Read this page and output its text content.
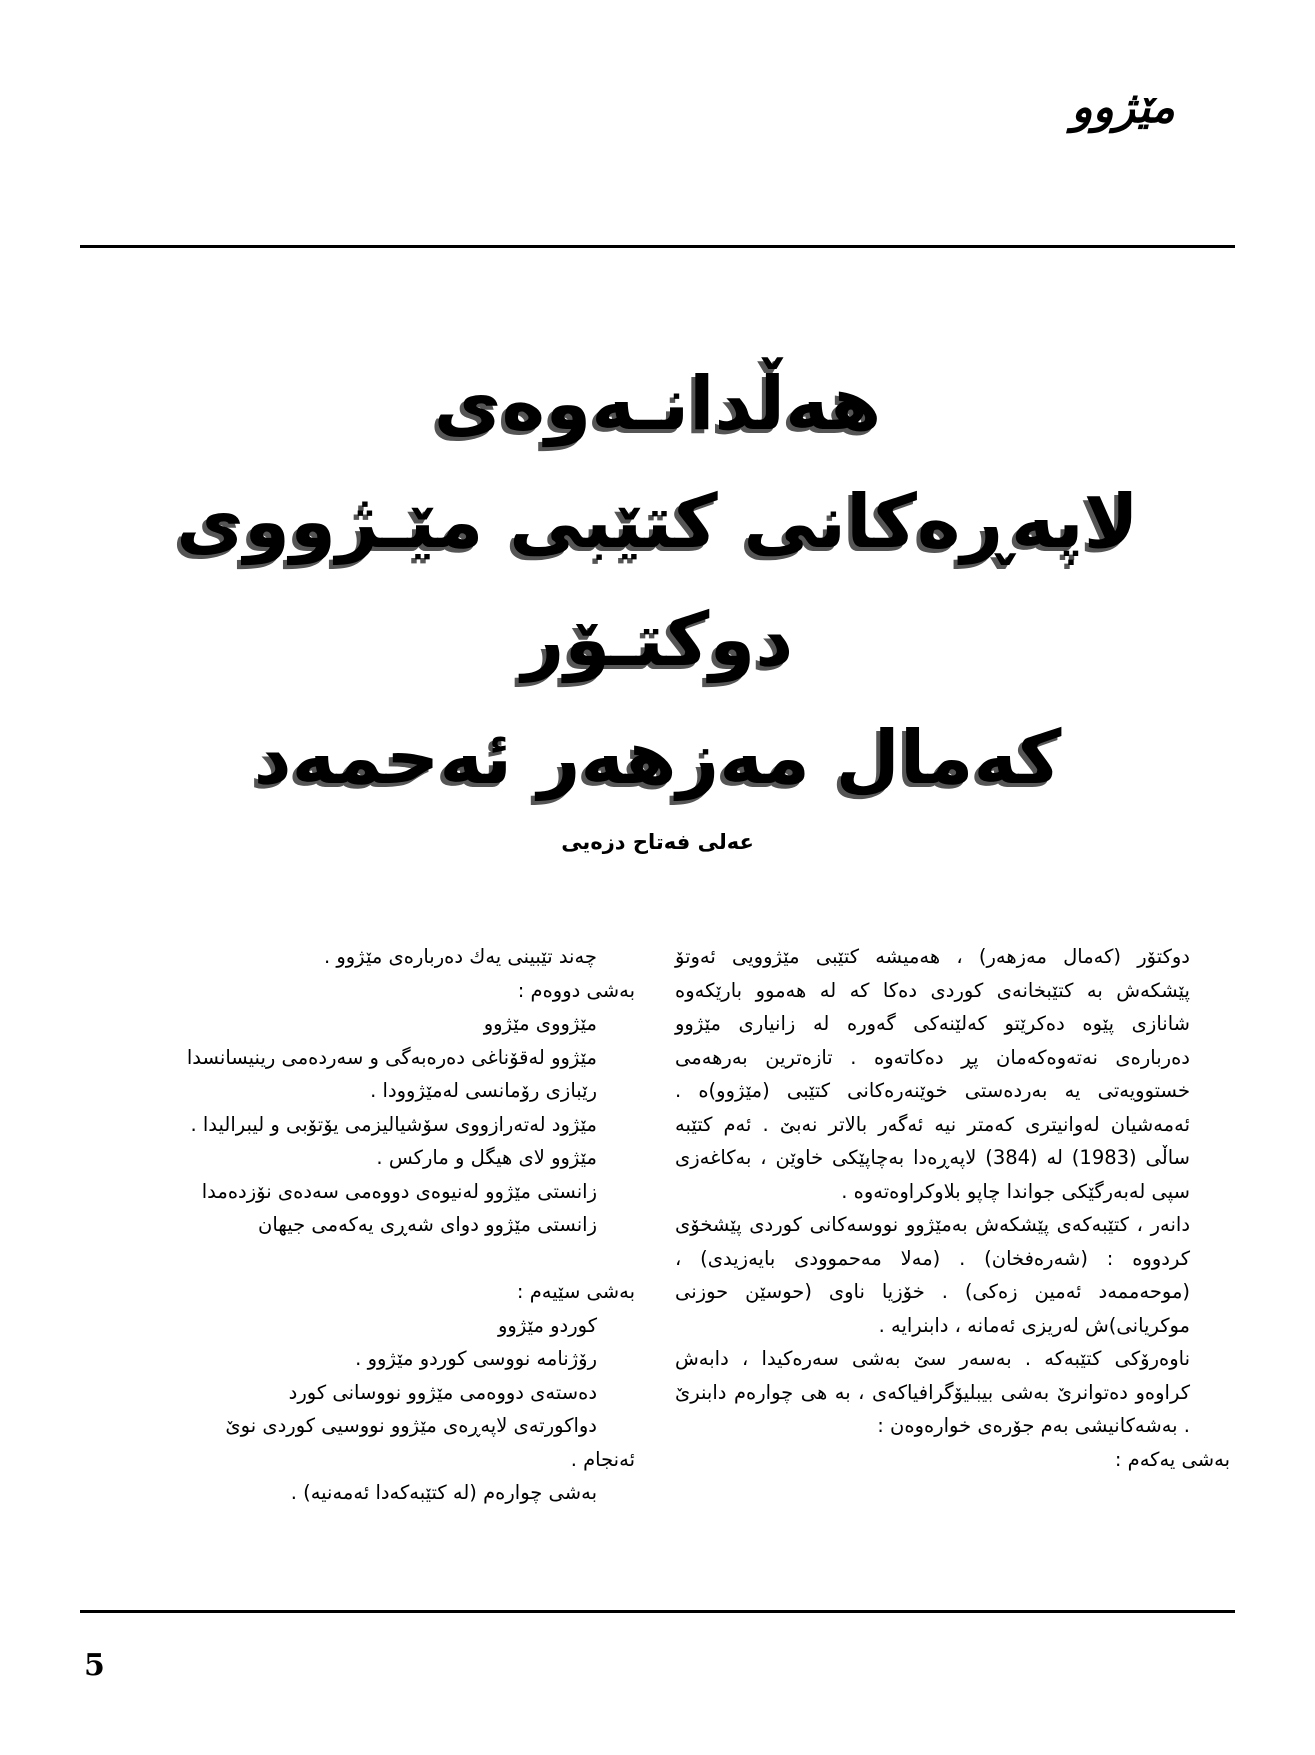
مێژوو
هەڵدانـەوەی
لاپەڕەکانی کتێبی مێـژووی
دوکتـۆر
کەمال مەزهەر ئەحمەد
عەلی فەتاح دزەیی

دوکتۆر (کەمال مەزهەر) ، هەمیشە کتێبی مێژوویی ئەوتۆ پێشکەش بە کتێبخانەی کوردی دەکا کە لە هەموو بارێکەوە شانازی پێوە دەکرێتو کەلێنەکی گەورە لە زانیاری مێژوو دەربارەی نەتەوەکەمان پڕ دەکاتەوە . تازەترین بەرهەمی خستوویەتی یە بەردەستی خوێنەرەکانی کتێبی (مێژوو)ە . ئەمەشیان لەوانیتری کەمتر نیە ئەگەر بالاتر نەبێ . ئەم کتێبە ساڵی (1983) لە (384) لاپەڕەدا بەچاپێکی خاوێن ، بەکاغەزی سپی لەبەرگێکی جواندا چاپو بلاوکراوەتەوە .

دانەر ، کتێبەکەی پێشکەش بەمێژوو نووسەکانی کوردی پێشخۆی کردووە : (شەرەفخان) . (مەلا مەحموودی بایەزیدی) ، (موحەممەد ئەمین زەکی) . خۆزیا ناوی (حوسێن حوزنی موکریانی)ش لەریزی ئەمانە ، دابنرایە .

ناوەرۆکی کتێبەکە . بەسەر سێ بەشی سەرەکیدا ، دابەش کراوەو دەتوانرێ بەشی بیبلیۆگرافیاکەی ، بە هی چوارەم دابنرێ . بەشەکانیشی بەم جۆرەی خوارەوەن :

بەشی یەکەم :

چەند تێبینی یەك دەربارەی مێژوو .

بەشی دووەم :

مێژووی مێژوو

مێژوو لەقۆناغی دەرەبەگی و سەردەمی رینیسانسدا

رێبازی رۆمانسی لەمێژوودا .

مێژود لەتەرازووی سۆشیالیزمی یۆتۆبی و لیبرالیدا .

مێژوو لای هیگل و مارکس .

زانستی مێژوو لەنیوەی دووەمی سەدەی نۆزدەمدا

زانستی مێژوو دوای شەڕی یەکەمی جیهان

بەشی سێیەم :

کوردو مێژوو

رۆژنامە نووسی کوردو مێژوو .

دەستەی دووەمی مێژوو نووسانی کورد

دواکورتەی لاپەڕەی مێژوو نووسیی کوردی نوێ

ئەنجام .

بەشی چوارەم (لە کتێبەکەدا ئەمەنیە) .

5
